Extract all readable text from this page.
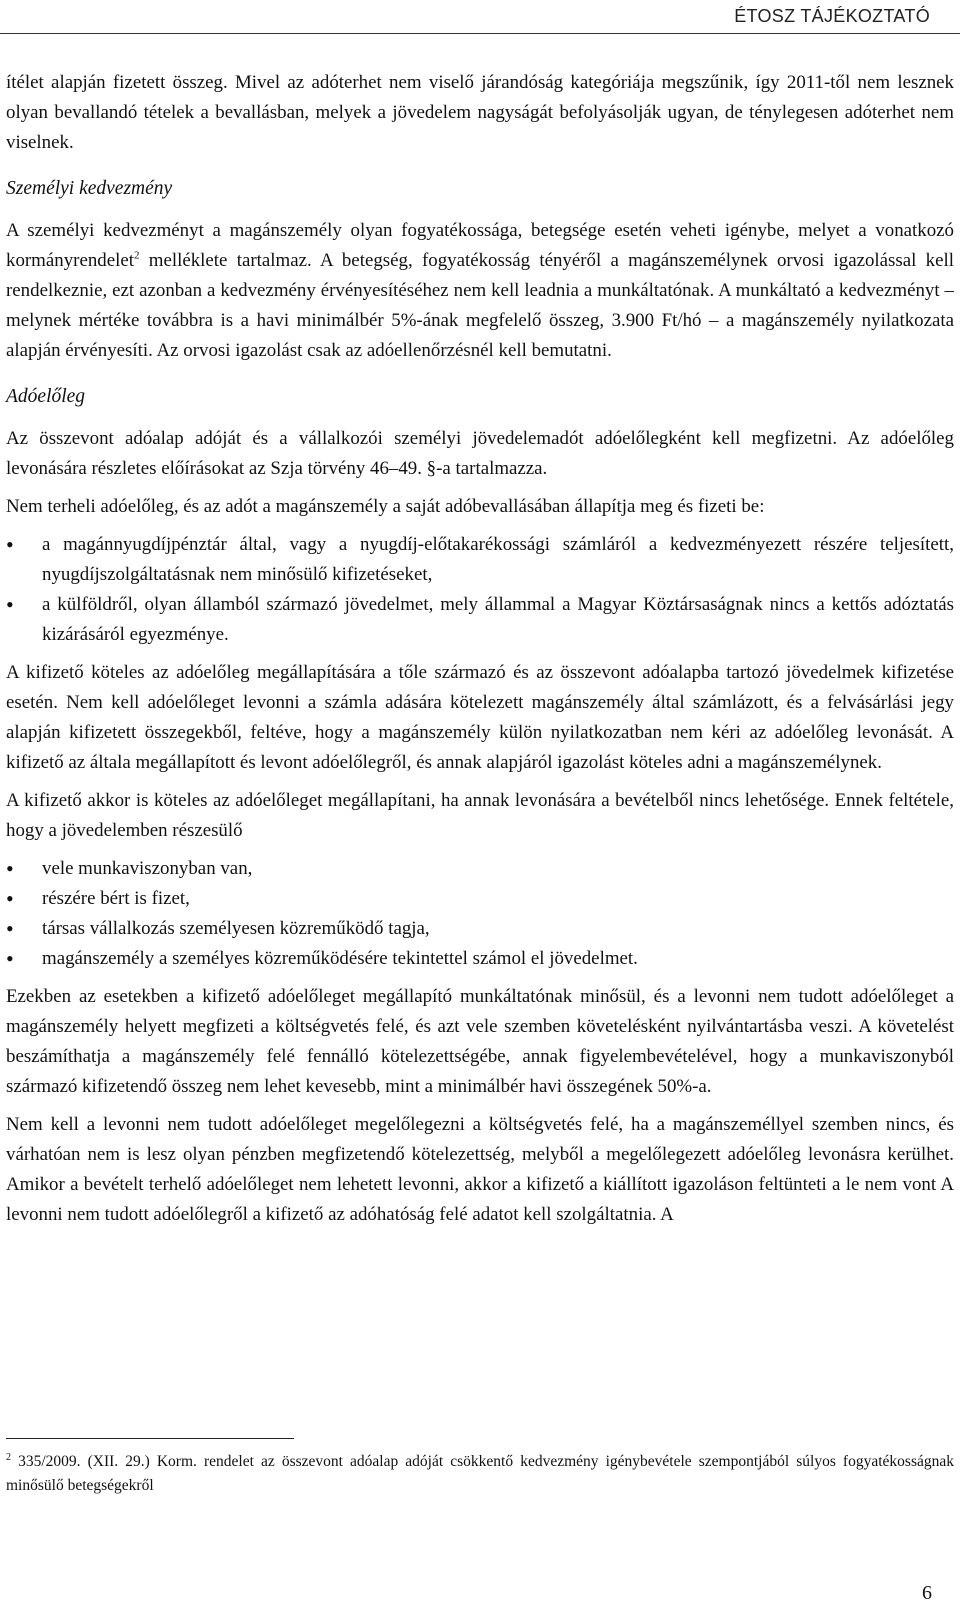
ÉTOSZ TÁJÉKOZTATÓ

ítélet alapján fizetett összeg. Mivel az adóterhet nem viselő járandóság kategóriája megszűnik, így 2011-től nem lesznek olyan bevallandó tételek a bevallásban, melyek a jövedelem nagyságát befolyásolják ugyan, de ténylegesen adóterhet nem viselnek.

Személyi kedvezmény

A személyi kedvezményt a magánszemély olyan fogyatékossága, betegsége esetén veheti igénybe, melyet a vonatkozó kormányrendelet$^2$ melléklete tartalmaz. A betegség, fogyatékosság tényéről a magánszemélynek orvosi igazolással kell rendelkeznie, ezt azonban a kedvezmény érvényesítéséhez nem kell leadnia a munkáltatónak. A munkáltató a kedvezményt – melynek mértéke továbbra is a havi minimálbér 5%-ának megfelelő összeg, 3.900 Ft/hó – a magánszemély nyilatkozata alapján érvényesíti. Az orvosi igazolást csak az adóellenőrzésnél kell bemutatni.

Adóelőleg

Az összevont adóalap adóját és a vállalkozói személyi jövedelemadót adóelőlegként kell megfizetni. Az adóelőleg levonására részletes előírásokat az Szja törvény 46–49. §-a tartalmazza.

Nem terheli adóelőleg, és az adót a magánszemély a saját adóbevallásában állapítja meg és fizeti be:

• a magánnyugdíjpénztár által, vagy a nyugdíj-előtakarékossági számláról a kedvezményezett részére teljesített, nyugdíjszolgáltatásnak nem minősülő kifizetéseket,
• a külföldről, olyan államból származó jövedelmet, mely állammal a Magyar Köztársaságnak nincs a kettős adóztatás kizárásáról egyezménye.

A kifizető köteles az adóelőleg megállapítására a tőle származó és az összevont adóalapba tartozó jövedelmek kifizetése esetén. Nem kell adóelőleget levonni a számla adására kötelezett magánszemély által számlázott, és a felvásárlási jegy alapján kifizetett összegekből, feltéve, hogy a magánszemély külön nyilatkozatban nem kéri az adóelőleg levonását. A kifizető az általa megállapított és levont adóelőlegről, és annak alapjáról igazolást köteles adni a magánszemélynek.

A kifizető akkor is köteles az adóelőleget megállapítani, ha annak levonására a bevételből nincs lehetősége. Ennek feltétele, hogy a jövedelemben részesülő

• vele munkaviszonyban van,
• részére bért is fizet,
• társas vállalkozás személyesen közreműködő tagja,
• magánszemély a személyes közreműködésére tekintettel számol el jövedelmet.

Ezekben az esetekben a kifizető adóelőleget megállapító munkáltatónak minősül, és a levonni nem tudott adóelőleget a magánszemély helyett megfizeti a költségvetés felé, és azt vele szemben követelésként nyilvántartásba veszi. A követelést beszámíthatja a magánszemély felé fennálló kötelezettségébe, annak figyelembevételével, hogy a munkaviszonyból származó kifizetendő összeg nem lehet kevesebb, mint a minimálbér havi összegének 50%-a.

Nem kell a levonni nem tudott adóelőleget megelőlegezni a költségvetés felé, ha a magánszeméllyel szemben nincs, és várhatóan nem is lesz olyan pénzben megfizetendő kötelezettség, melyből a megelőlegezett adóelőleg levonásra kerülhet. Amikor a bevételt terhelő adóelőleget nem lehetett levonni, akkor a kifizető a kiállított igazoláson feltünteti a le nem vont A levonni nem tudott adóelőlegről a kifizető az adóhatóság felé adatot kell szolgáltatnia. A

$^2$ 335/2009. (XII. 29.) Korm. rendelet az összevont adóalap adóját csökkentő kedvezmény igénybevétele szempontjából súlyos fogyatékosságnak minősülő betegségekről
6
